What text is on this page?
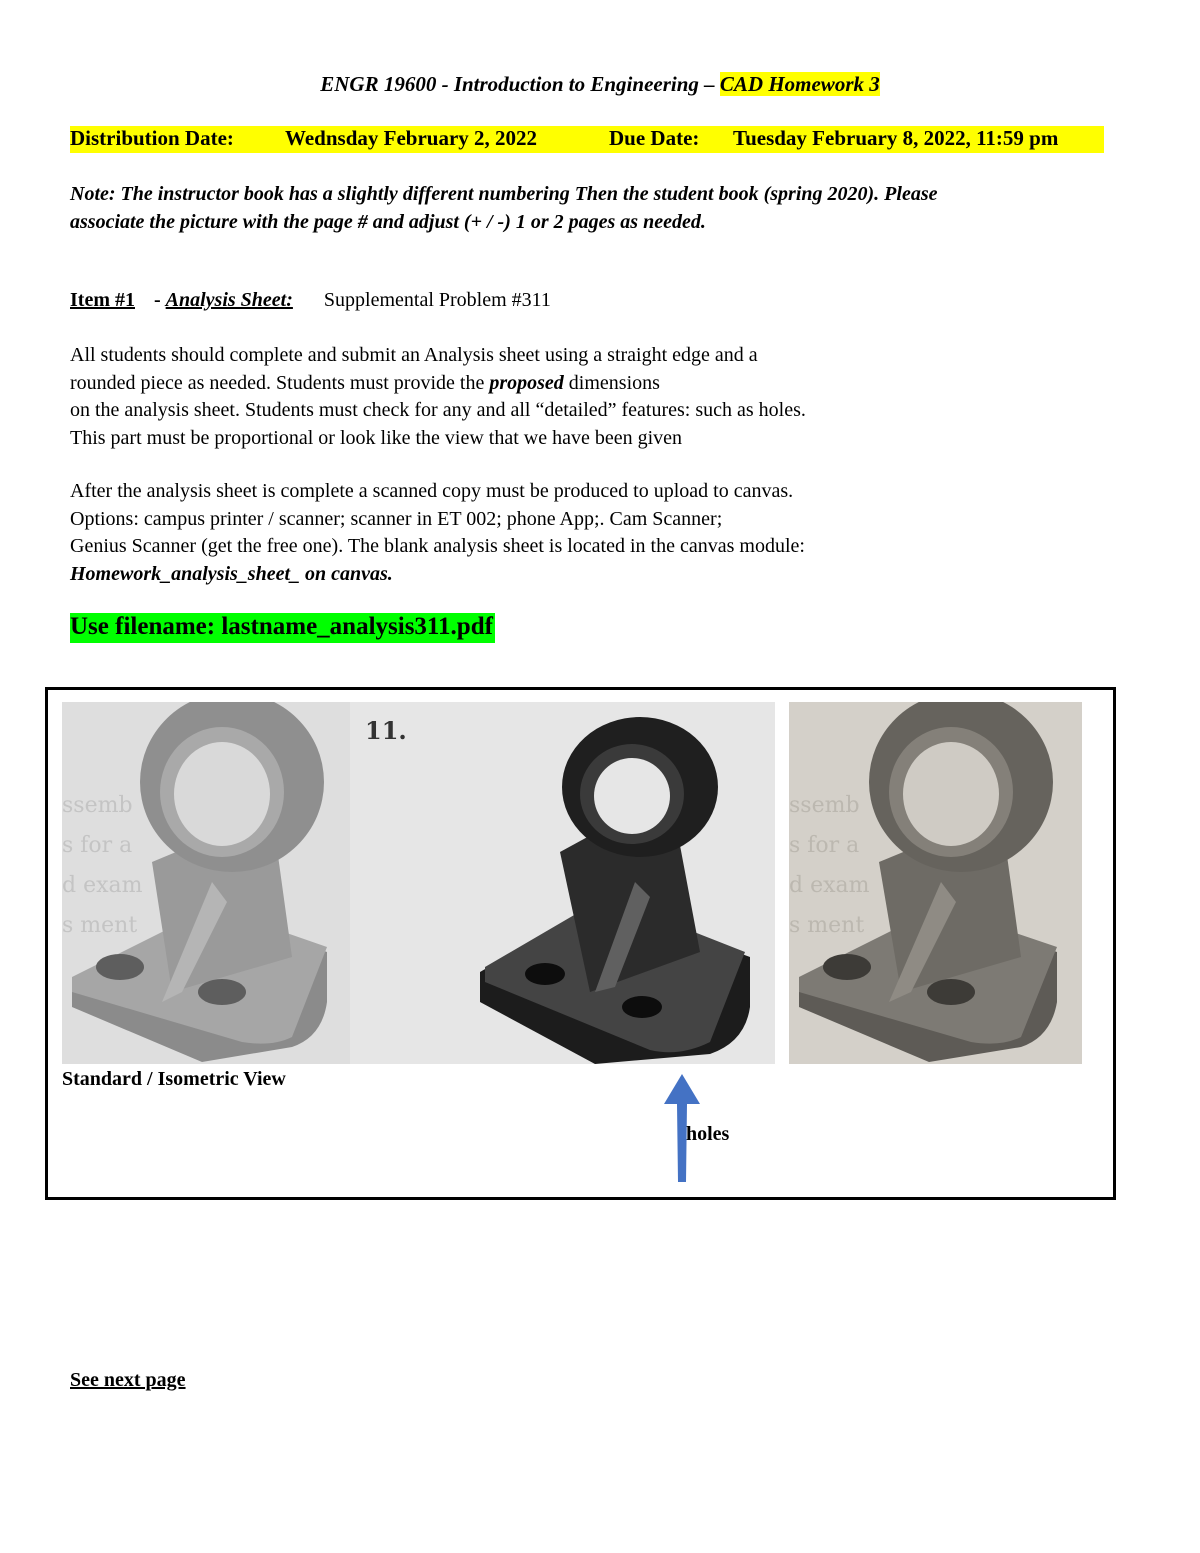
ENGR 19600 - Introduction to Engineering – CAD Homework 3
Distribution Date: Wednsday February 2, 2022	Due Date: Tuesday February 8, 2022, 11:59 pm
Note: The instructor book has a slightly different numbering Then the student book (spring 2020). Please
associate the picture with the page # and adjust (+ / -) 1 or 2 pages as needed.
Item #1 - Analysis Sheet: Supplemental Problem #311
All students should complete and submit an Analysis sheet using a straight edge and a
rounded piece as needed. Students must provide the proposed dimensions
on the analysis sheet. Students must check for any and all “detailed” features: such as holes.
This part must be proportional or look like the view that we have been given
After the analysis sheet is complete a scanned copy must be produced to upload to canvas.
Options: campus printer / scanner; scanner in ET 002; phone App;. Cam Scanner;
Genius Scanner (get the free one). The blank analysis sheet is located in the canvas module:
Homework_analysis_sheet_ on canvas.
Use filename: lastname_analysis311.pdf
ssemb
s for a
d exam
s ment
11.
ssemb
s for a
d exam
s ment
Standard / Isometric View
holes
See next page
